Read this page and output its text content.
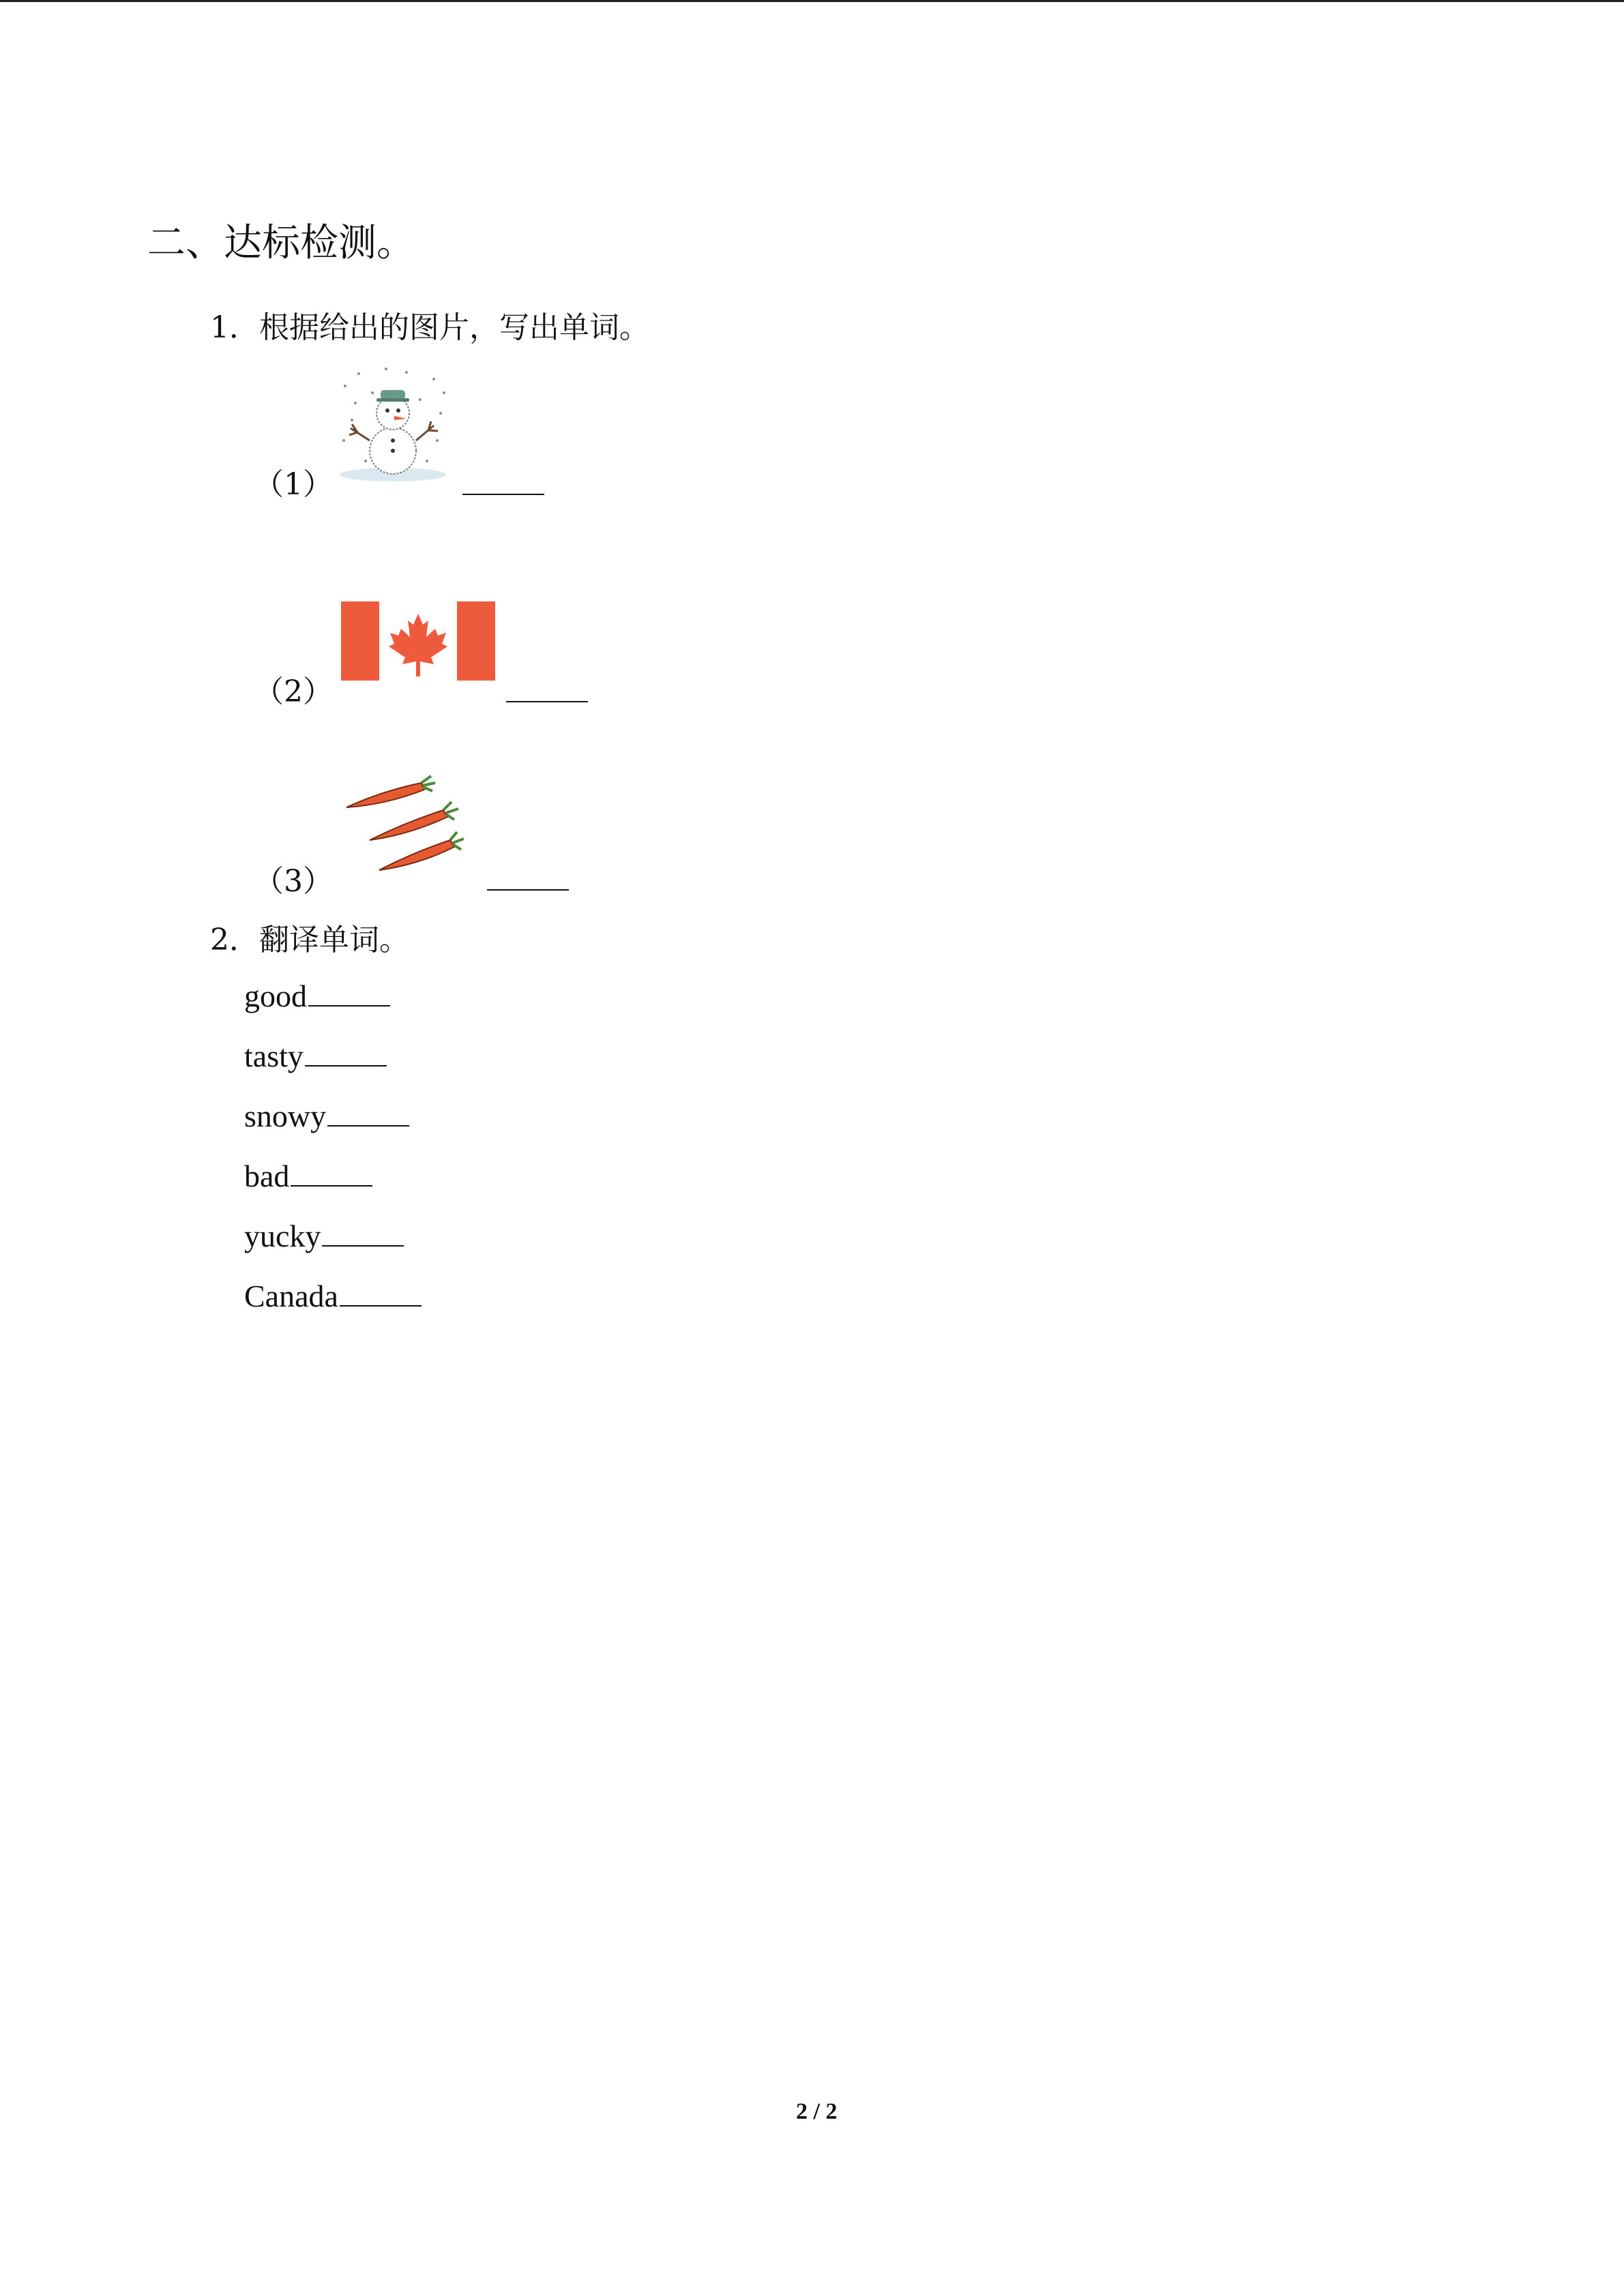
二、达标检测。
1．根据给出的图片，写出单词。
（1）
（2）
（3）
2．翻译单词。
good
tasty
snowy
bad
yucky
Canada
2 / 2
